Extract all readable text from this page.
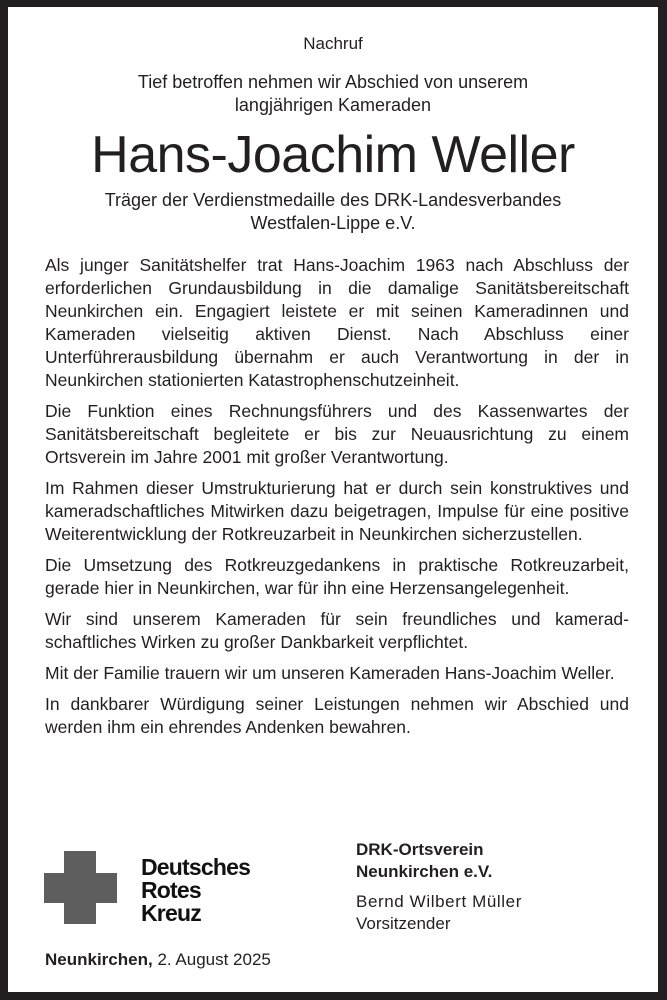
Nachruf
Tief betroffen nehmen wir Abschied von unserem
langjährigen Kameraden
Hans-Joachim Weller
Träger der Verdienstmedaille des DRK-Landesverbandes
Westfalen-Lippe e.V.

Als junger Sanitätshelfer trat Hans-Joachim 1963 nach Abschluss der erforderlichen Grundausbildung in die damalige Sanitätsbereitschaft Neunkirchen ein. Engagiert leistete er mit seinen Kameradinnen und Kameraden vielseitig aktiven Dienst. Nach Abschluss einer Unterführerausbildung übernahm er auch Verantwortung in der in Neunkirchen stationierten Katastrophenschutzeinheit.

Die Funktion eines Rechnungsführers und des Kassenwartes der Sanitätsbereitschaft begleitete er bis zur Neuausrichtung zu einem Ortsverein im Jahre 2001 mit großer Verantwortung.

Im Rahmen dieser Umstrukturierung hat er durch sein konstruktives und kameradschaftliches Mitwirken dazu beigetragen, Impulse für eine positive Weiterentwicklung der Rotkreuzarbeit in Neunkirchen sicherzustellen.

Die Umsetzung des Rotkreuzgedankens in praktische Rotkreuzarbeit, gerade hier in Neunkirchen, war für ihn eine Herzensangelegenheit.

Wir sind unserem Kameraden für sein freundliches und kameradschaftliches Wirken zu großer Dankbarkeit verpflichtet.

Mit der Familie trauern wir um unseren Kameraden Hans-Joachim Weller.

In dankbarer Würdigung seiner Leistungen nehmen wir Abschied und werden ihm ein ehrendes Andenken bewahren.

Deutsches
Rotes
Kreuz
DRK-Ortsverein
Neunkirchen e.V.
Bernd Wilbert Müller
Vorsitzender
Neunkirchen, 2. August 2025
